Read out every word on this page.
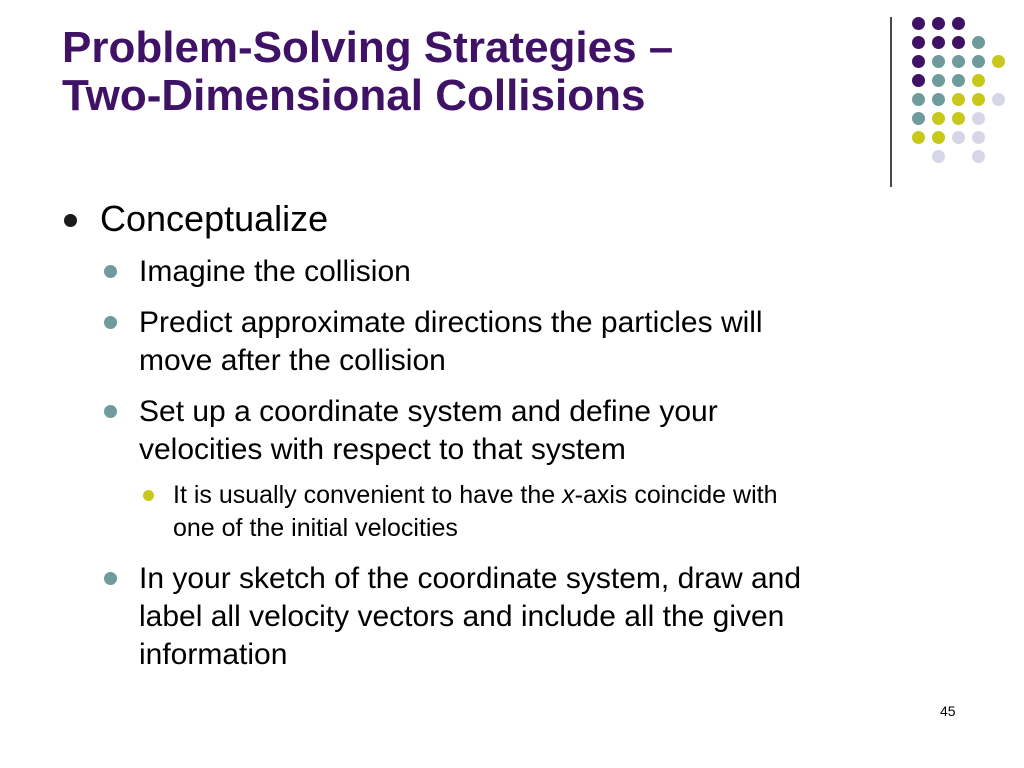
Problem-Solving Strategies –
Two-Dimensional Collisions
Conceptualize
Imagine the collision
Predict approximate directions the particles will
move after the collision
Set up a coordinate system and define your
velocities with respect to that system
It is usually convenient to have the x-axis coincide with
one of the initial velocities
In your sketch of the coordinate system, draw and
label all velocity vectors and include all the given
information
45
